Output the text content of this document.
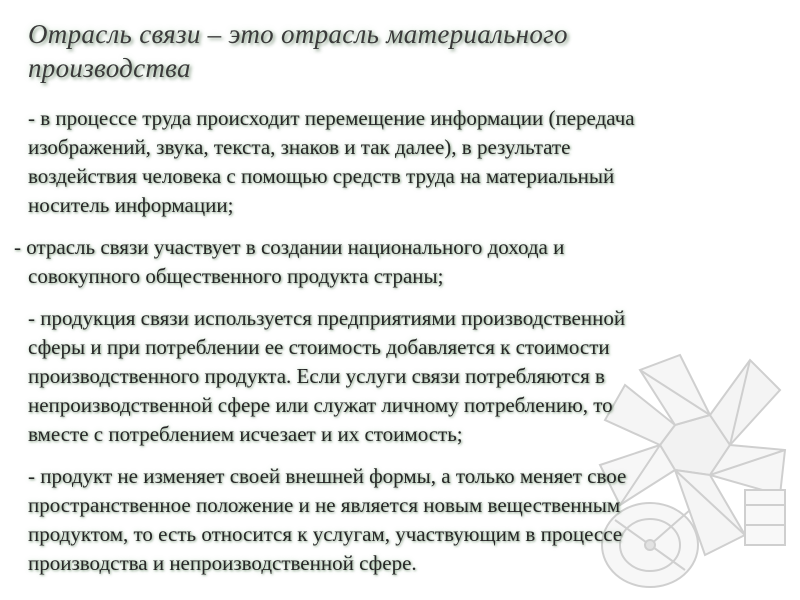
Отрасль связи – это отрасль материального
производства
- в процессе труда происходит перемещение информации (передача
изображений, звука, текста, знаков и так далее), в результате
воздействия человека с помощью средств труда на материальный
носитель информации;
- отрасль связи участвует в создании национального дохода и
совокупного общественного продукта страны;
- продукция связи используется предприятиями производственной
сферы и при потреблении ее стоимость добавляется к стоимости
производственного продукта. Если услуги связи потребляются в
непроизводственной сфере или служат личному потреблению, то
вместе с потреблением исчезает и их стоимость;
- продукт не изменяет своей внешней формы, а только меняет свое
пространственное положение и не является новым вещественным
продуктом, то есть относится к услугам, участвующим в процессе
производства и непроизводственной сфере.
